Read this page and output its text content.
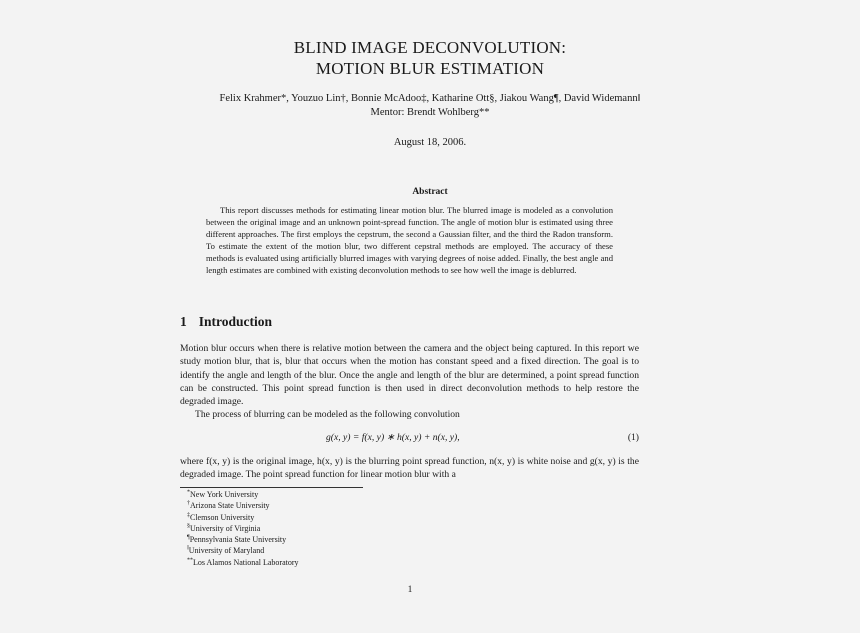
BLIND IMAGE DECONVOLUTION:
MOTION BLUR ESTIMATION
Felix Krahmer*, Youzuo Lin†, Bonnie McAdoo‡, Katharine Ott§, Jiakou Wang¶, David Widemann‖
Mentor: Brendt Wohlberg**
August 18, 2006.
Abstract
This report discusses methods for estimating linear motion blur. The blurred image is modeled as a convolution between the original image and an unknown point-spread function. The angle of motion blur is estimated using three different approaches. The first employs the cepstrum, the second a Gaussian filter, and the third the Radon transform. To estimate the extent of the motion blur, two different cepstral methods are employed. The accuracy of these methods is evaluated using artificially blurred images with varying degrees of noise added. Finally, the best angle and length estimates are combined with existing deconvolution methods to see how well the image is deblurred.
1 Introduction

Motion blur occurs when there is relative motion between the camera and the object being captured. In this report we study motion blur, that is, blur that occurs when the motion has constant speed and a fixed direction. The goal is to identify the angle and length of the blur. Once the angle and length of the blur are determined, a point spread function can be constructed. This point spread function is then used in direct deconvolution methods to help restore the degraded image.

The process of blurring can be modeled as the following convolution

g(x, y) = f(x, y) ∗ h(x, y) + n(x, y),	(1)
where f(x, y) is the original image, h(x, y) is the blurring point spread function, n(x, y) is white noise and g(x, y) is the degraded image. The point spread function for linear motion blur with a
*New York University
†Arizona State University
‡Clemson University
§University of Virginia
¶Pennsylvania State University
‖University of Maryland
**Los Alamos National Laboratory
1
